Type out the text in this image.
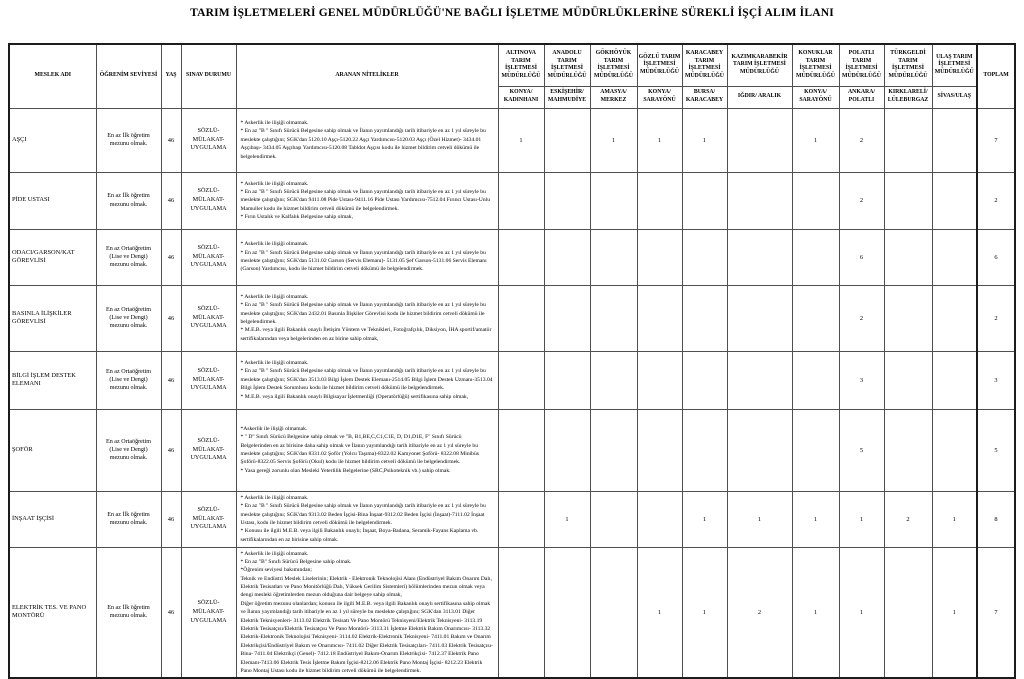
TARIM İŞLETMELERİ GENEL MÜDÜRLÜĞÜ'NE BAĞLI İŞLETME MÜDÜRLÜKLERİNE SÜREKLİ İŞÇİ ALIM İLANI
MESLEK ADI	ÖĞRENİM SEVİYESİ	YAŞ	SINAV DURUMU	ARANAN NİTELİKLER	ALTINOVA TARIM İŞLETMESİ MÜDÜRLÜĞÜ	ANADOLU TARIM İŞLETMESİ MÜDÜRLÜĞÜ	GÖKHÖYÜK TARIM İŞLETMESİ MÜDÜRLÜĞÜ	GÖZLÜ TARIM İŞLETMESİ MÜDÜRLÜĞÜ	KARACABEY TARIM İŞLETMESİ MÜDÜRLÜĞÜ	KAZIMKARABEKİR TARIM İŞLETMESİ MÜDÜRLÜĞÜ	KONUKLAR TARIM İŞLETMESİ MÜDÜRLÜĞÜ	POLATLI TARIM İŞLETMESİ MÜDÜRLÜĞÜ	TÜRKGELDİ TARIM İŞLETMESİ MÜDÜRLÜĞÜ	ULAŞ TARIM İŞLETMESİ MÜDÜRLÜĞÜ	TOPLAM
					KONYA/ KADINHANI	ESKİŞEHİR/ MAHMUDİYE	AMASYA/ MERKEZ	KONYA/ SARAYÖNÜ	BURSA/ KARACABEY	IĞDIR/ ARALIK	KONYA/ SARAYÖNÜ	ANKARA/ POLATLI	KIRKLARELİ/ LÜLEBURGAZ	SİVAS/ULAŞ	
AŞÇI	En az İlk öğretim mezunu olmak.	46	SÖZLÜ-MÜLAKAT- UYGULAMA	* Askerlik ile ilişiği olmamak.
* En az "B " Sınıfı Sürücü Belgesine sahip olmak ve İlanın yayımlandığı tarih itibariyle en az 1 yıl süreyle bu meslekte çalıştığını; SGK'dan 5120.10 Aşçı-5120.22 Aşçı Yardımcısı-5120.03 Aşçı (Özel Hizmet)- 3434.01 Aşçıbaşı- 3434.05 Aşçıbaşı Yardımcısı-5120.08 Tabldot Aşçısı kodu ile hizmet bildirim cetveli dökümü ile belgelendirmek.	1		1	1	1		1	2			7
PİDE USTASI	En az İlk öğretim mezunu olmak.	46	SÖZLÜ-MÜLAKAT- UYGULAMA	* Askerlik ile ilişiği olmamak.
* En az "B " Sınıfı Sürücü Belgesine sahip olmak ve İlanın yayımlandığı tarih itibariyle en az 1 yıl süreyle bu meslekte çalıştığını; SGK'dan 9411.08 Pide Ustası-9411.16 Pide Ustası Yardımcısı-7512.04 Fırıncı Ustası-Unlu Mamuller kodu ile hizmet bildirim cetveli dökümü ile belgelendirmek.
* Fırın Ustalık ve Kalfalık Belgesine sahip olmak,								2			2
ODACI/GARSON/KAT GÖREVLİSİ	En az Ortaöğretim (Lise ve Dengi) mezunu olmak.	46	SÖZLÜ-MÜLAKAT- UYGULAMA	* Askerlik ile ilişiği olmamak.
* En az "B " Sınıfı Sürücü Belgesine sahip olmak ve İlanın yayımlandığı tarih itibariyle en az 1 yıl süreyle bu meslekte çalıştığını; SGK'dan 5131.02 Garson (Servis Elemanı)- 5131.05 Şef Garson-5131.06 Servis Elemanı (Garson) Yardımcısı, kodu ile hizmet bildirim cetveli dökümü ile belgelendirmek.								6			6
BASINLA İLİŞKİLER GÖREVLİSİ	En az Ortaöğretim (Lise ve Dengi) mezunu olmak.	46	SÖZLÜ-MÜLAKAT- UYGULAMA	* Askerlik ile ilişiği olmamak.
* En az "B " Sınıfı Sürücü Belgesine sahip olmak ve İlanın yayımlandığı tarih itibariyle en az 1 yıl süreyle bu meslekte çalıştığını; SGK'dan 2432.01 Basınla İlişkiler Görevlisi kodu ile hizmet bildirim cetveli dökümü ile belgelendirmek.
* M.E.B. veya ilgili Bakanlık onaylı İletişim Yöntem ve Teknikleri, Fotoğrafçılık, Diksiyon, İHA sportif/amatör sertifikalarından veya belgelerinden en az birine sahip olmak,								2			2
BİLGİ İŞLEM DESTEK ELEMANI	En az Ortaöğretim (Lise ve Dengi) mezunu olmak.	46	SÖZLÜ-MÜLAKAT- UYGULAMA	* Askerlik ile ilişiği olmamak.
* En az "B " Sınıfı Sürücü Belgesine sahip olmak ve İlanın yayımlandığı tarih itibariyle en az 1 yıl süreyle bu meslekte çalıştığını; SGK'dan 3513.03 Bilgi İşlem Destek Elemanı-2514.05 Bilgi İşlem Destek Uzmanı-3513.04 Bilgi İşlem Destek Sorumlusu kodu ile hizmet bildirim cetveli dökümü ile belgelendirmek.
* M.E.B. veya ilgili Bakanlık onaylı Bilgisayar İşletmenliği (Operatörlüğü) sertifikasına sahip olmak,								3			3
ŞOFÖR	En az Ortaöğretim (Lise ve Dengi) mezunu olmak.	46	SÖZLÜ-MÜLAKAT- UYGULAMA	*Askerlik ile ilişiği olmamak.
* " D" Sınıfı Sürücü Belgesine sahip olmak ve "B, B1,BE,C,C1,C1E, D, D1,D1E, F" Sınıfı Sürücü Belgelerinden en az birisine daha sahip olmak ve İlanın yayımlandığı tarih itibariyle en az 1 yıl süreyle bu meslekte çalıştığını; SGK'dan 8331.02 Şoför (Yolcu Taşıma)-8322.02 Kamyonet Şoförü- 8322.08 Minibüs Şoförü-8322.05 Servis Şoförü (Okul) kodu ile hizmet bildirim cetveli dökümü ile belgelendirmek.
* Yasa gereği zorunlu olan Mesleki Yeterlilik Belgelerine (SRC,Psikoteknik vb.) sahip olmak.								5			5
İNŞAAT İŞÇİSİ	En az İlk öğretim mezunu olmak.	46	SÖZLÜ-MÜLAKAT- UYGULAMA	* Askerlik ile ilişiği olmamak.
* En az "B " Sınıfı Sürücü Belgesine sahip olmak ve İlanın yayımlandığı tarih itibariyle en az 1 yıl süreyle bu meslekte çalıştığını; SGK'dan 9313.02 Beden İşçisi-Bina İnşaat-9312.02 Beden İşçisi (İnşaat)-7111.02 İnşaat Ustası, kodu ile hizmet bildirim cetveli dökümü ile belgelendirmek.
* Konusu ile ilgili M.E.B. veya ilgili Bakanlık onaylı; İnşaat, Boya-Badana, Seramik-Fayans Kaplama vb. sertifikalarından en az birisine sahip olmak.		1			1	1	1	1	2	1	8
ELEKTRİK TES. VE PANO MONTÖRÜ	En az İlk öğretim mezunu olmak.	46	SÖZLÜ-MÜLAKAT- UYGULAMA	* Askerlik ile ilişiği olmamak.
* En az "B" Sınıfı Sürücü Belgesine sahip olmak.
*Öğrenim seviyesi bakımından;
Teknik ve Endüstri Meslek Liselerinin; Elektrik - Elektronik Teknolojisi Alanı (Endüstriyel Bakım Onarım Dalı, Elektrik Tesisatları ve Pano Monitörlüğü Dalı, Yüksek Gerilim Sistemleri) bölümlerinden mezun olmak veya dengi mesleki öğretimlerden mezun olduğuna dair belgeye sahip olmak,
Diğer öğretim mezunu olanlardan; konusu ile ilgili M.E.B. veya ilgili Bakanlık onaylı sertifikasına sahip olmak ve İlanın yayımlandığı tarih itibariyle en az 1 yıl süreyle bu meslekte çalıştığını; SGK'dan 3113.01 Diğer Elektrik Teknisyenleri- 3113.02 Elektrik Tesisatı Ve Pano Montörü Teknisyeni/Elektrik Teknisyeni- 3113.19 Elektrik Tesisatçısı/Elektrik Tesisatçısı Ve Pano Montörü- 3113.31 İşletme Elektrik Bakım Onarımcısı- 3113.32 Elektrik-Elektronik Teknolojisi Teknisyeni- 3114.02 Elektrik-Elektronik Teknisyeni- 7411.01 Bakım ve Onarım Elektrikçisi/Endüstriyel Bakım ve Onarımcısı- 7411.02 Diğer Elektrik Tesisatçıları- 7411.03 Elektrik Tesisatçısı-Bina- 7411.04 Elektrikçi (Genel)- 7412.18 Endüstriyel Bakım-Onarım Elektrikçisi- 7412.37 Elektrik Pano Elemanı-7413.06 Elektrik Tesis İşletme Bakım İşçisi-8212.06 Elektrik Pano Montaj İşçisi- 8212.23 Elektrik Pano Montaj Ustası kodu ile hizmet bildirim cetveli dökümü ile belgelendirmek.				1	1	2	1	1		1	7
